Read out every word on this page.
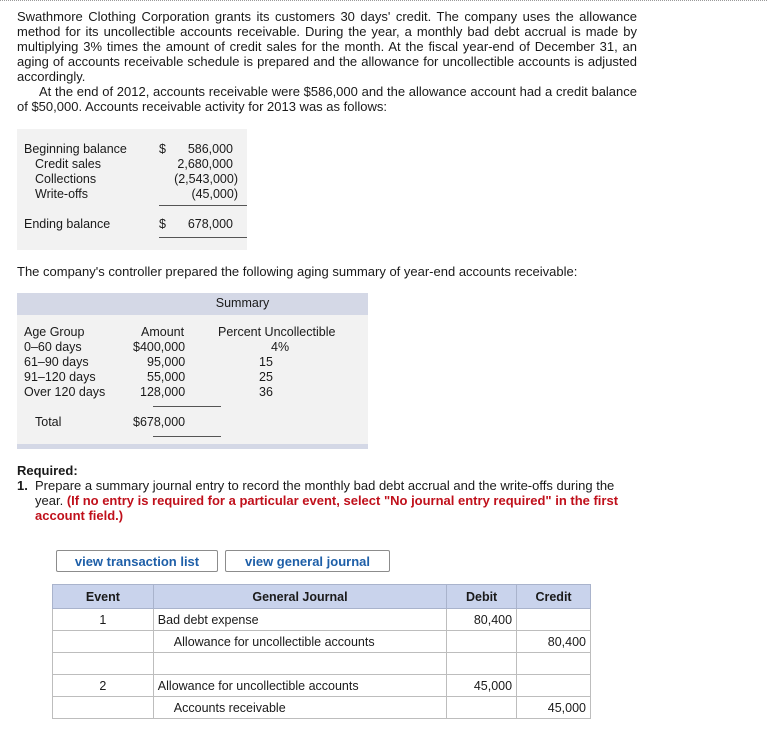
Swathmore Clothing Corporation grants its customers 30 days' credit. The company uses the allowance method for its uncollectible accounts receivable. During the year, a monthly bad debt accrual is made by multiplying 3% times the amount of credit sales for the month. At the fiscal year-end of December 31, an aging of accounts receivable schedule is prepared and the allowance for uncollectible accounts is adjusted accordingly.

At the end of 2012, accounts receivable were $586,000 and the allowance account had a credit balance of $50,000. Accounts receivable activity for 2013 was as follows:

Beginning balance	$ 586,000
Credit sales	2,680,000
Collections	(2,543,000)
Write-offs	(45,000)
Ending balance	$ 678,000
The company's controller prepared the following aging summary of year-end accounts receivable:
Summary
Age Group	Amount	Percent Uncollectible
0–60 days	$400,000	4%
61–90 days	95,000	15
91–120 days	55,000	25
Over 120 days	128,000	36
Total	$678,000
Required:
1. Prepare a summary journal entry to record the monthly bad debt accrual and the write-offs during the year. (If no entry is required for a particular event, select "No journal entry required" in the first account field.)
view transaction list	view general journal
Event	General Journal	Debit	Credit
1	Bad debt expense	80,400	
	Allowance for uncollectible accounts		80,400

2	Allowance for uncollectible accounts	45,000	
	Accounts receivable		45,000
